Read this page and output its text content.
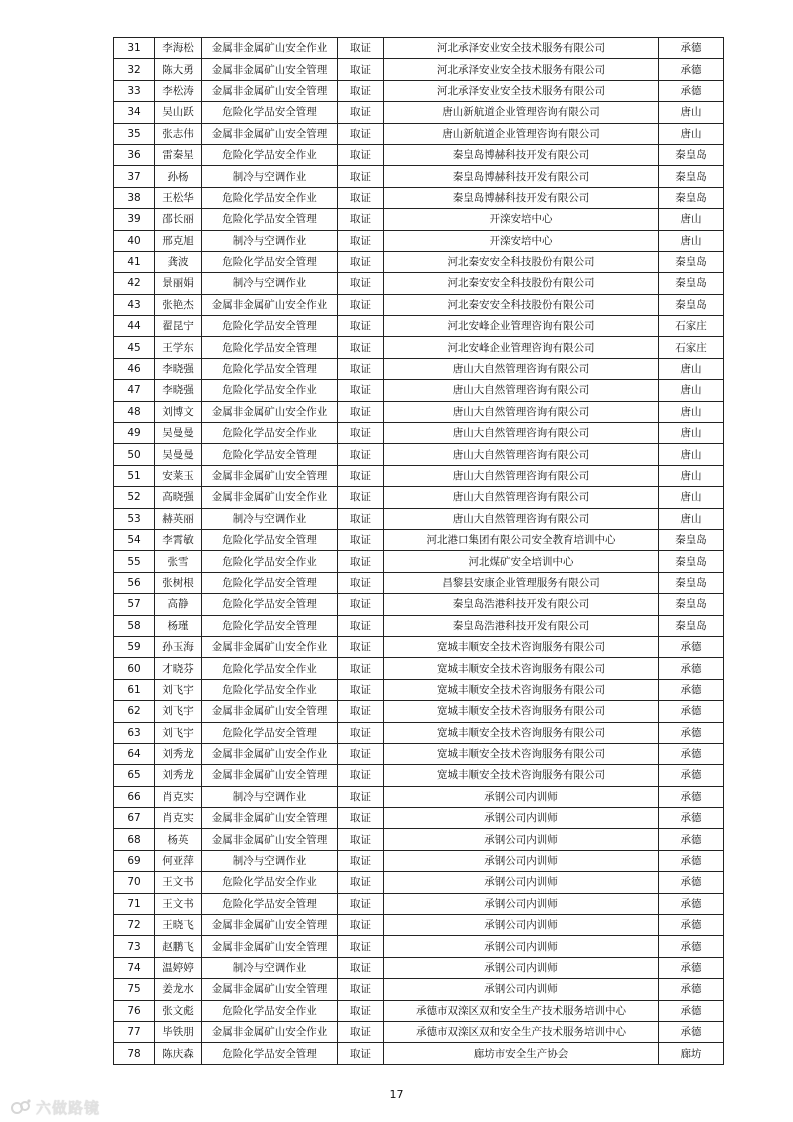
31	李海松	金属非金属矿山安全作业	取证	河北承泽安业安全技术服务有限公司	承德
32	陈大勇	金属非金属矿山安全管理	取证	河北承泽安业安全技术服务有限公司	承德
33	李松涛	金属非金属矿山安全管理	取证	河北承泽安业安全技术服务有限公司	承德
34	吴山跃	危险化学品安全管理	取证	唐山新航道企业管理咨询有限公司	唐山
35	张志伟	金属非金属矿山安全管理	取证	唐山新航道企业管理咨询有限公司	唐山
36	雷秦星	危险化学品安全作业	取证	秦皇岛博赫科技开发有限公司	秦皇岛
37	孙杨	制冷与空调作业	取证	秦皇岛博赫科技开发有限公司	秦皇岛
38	王松华	危险化学品安全作业	取证	秦皇岛博赫科技开发有限公司	秦皇岛
39	邵长丽	危险化学品安全管理	取证	开滦安培中心	唐山
40	邢克旭	制冷与空调作业	取证	开滦安培中心	唐山
41	龚波	危险化学品安全管理	取证	河北秦安安全科技股份有限公司	秦皇岛
42	景丽娟	制冷与空调作业	取证	河北秦安安全科技股份有限公司	秦皇岛
43	张艳杰	金属非金属矿山安全作业	取证	河北秦安安全科技股份有限公司	秦皇岛
44	翟昆宁	危险化学品安全管理	取证	河北安峰企业管理咨询有限公司	石家庄
45	王学东	危险化学品安全管理	取证	河北安峰企业管理咨询有限公司	石家庄
46	李晓强	危险化学品安全管理	取证	唐山大自然管理咨询有限公司	唐山
47	李晓强	危险化学品安全作业	取证	唐山大自然管理咨询有限公司	唐山
48	刘博文	金属非金属矿山安全作业	取证	唐山大自然管理咨询有限公司	唐山
49	吴曼曼	危险化学品安全作业	取证	唐山大自然管理咨询有限公司	唐山
50	吴曼曼	危险化学品安全管理	取证	唐山大自然管理咨询有限公司	唐山
51	安莱玉	金属非金属矿山安全管理	取证	唐山大自然管理咨询有限公司	唐山
52	高晓强	金属非金属矿山安全作业	取证	唐山大自然管理咨询有限公司	唐山
53	赫英丽	制冷与空调作业	取证	唐山大自然管理咨询有限公司	唐山
54	李霄敏	危险化学品安全管理	取证	河北港口集团有限公司安全教育培训中心	秦皇岛
55	张雪	危险化学品安全作业	取证	河北煤矿安全培训中心	秦皇岛
56	张树根	危险化学品安全管理	取证	昌黎县安康企业管理服务有限公司	秦皇岛
57	高静	危险化学品安全管理	取证	秦皇岛浩港科技开发有限公司	秦皇岛
58	杨瑾	危险化学品安全管理	取证	秦皇岛浩港科技开发有限公司	秦皇岛
59	孙玉海	金属非金属矿山安全作业	取证	宽城丰顺安全技术咨询服务有限公司	承德
60	才晓芬	危险化学品安全作业	取证	宽城丰顺安全技术咨询服务有限公司	承德
61	刘飞宇	危险化学品安全作业	取证	宽城丰顺安全技术咨询服务有限公司	承德
62	刘飞宇	金属非金属矿山安全管理	取证	宽城丰顺安全技术咨询服务有限公司	承德
63	刘飞宇	危险化学品安全管理	取证	宽城丰顺安全技术咨询服务有限公司	承德
64	刘秀龙	金属非金属矿山安全作业	取证	宽城丰顺安全技术咨询服务有限公司	承德
65	刘秀龙	金属非金属矿山安全管理	取证	宽城丰顺安全技术咨询服务有限公司	承德
66	肖克实	制冷与空调作业	取证	承钢公司内训师	承德
67	肖克实	金属非金属矿山安全管理	取证	承钢公司内训师	承德
68	杨英	金属非金属矿山安全管理	取证	承钢公司内训师	承德
69	何亚萍	制冷与空调作业	取证	承钢公司内训师	承德
70	王文书	危险化学品安全作业	取证	承钢公司内训师	承德
71	王文书	危险化学品安全管理	取证	承钢公司内训师	承德
72	王晓飞	金属非金属矿山安全管理	取证	承钢公司内训师	承德
73	赵鹏飞	金属非金属矿山安全管理	取证	承钢公司内训师	承德
74	温婷婷	制冷与空调作业	取证	承钢公司内训师	承德
75	姜龙水	金属非金属矿山安全管理	取证	承钢公司内训师	承德
76	张文彪	危险化学品安全作业	取证	承德市双滦区双和安全生产技术服务培训中心	承德
77	毕铁朋	金属非金属矿山安全作业	取证	承德市双滦区双和安全生产技术服务培训中心	承德
78	陈庆森	危险化学品安全管理	取证	廊坊市安全生产协会	廊坊
17
六做路镜
